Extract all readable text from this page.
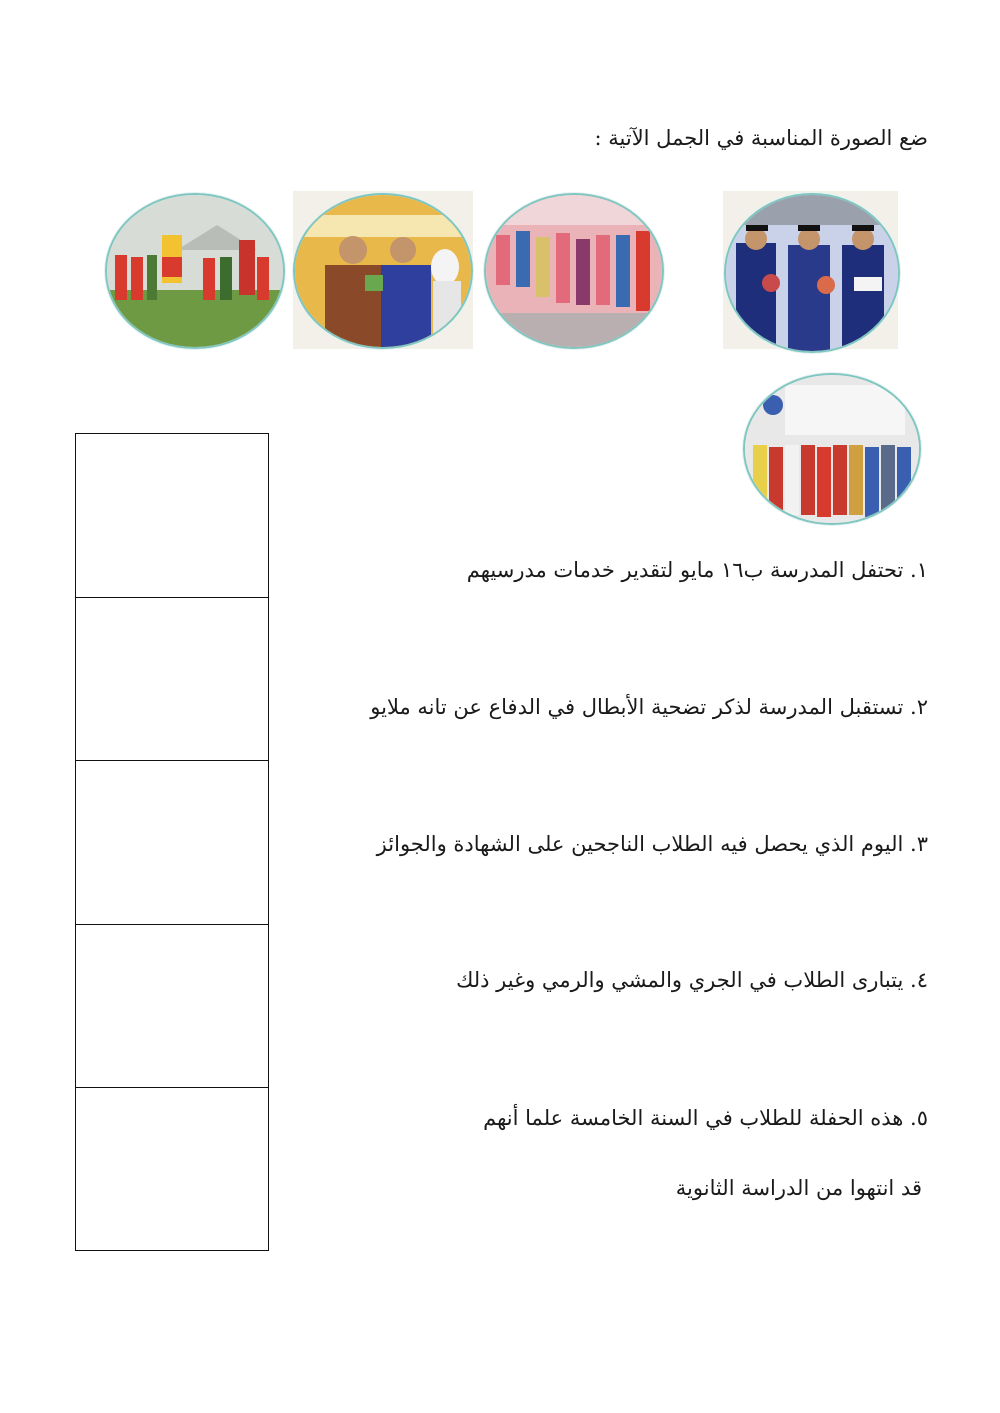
ضع الصورة المناسبة في الجمل الآتية :
١. تحتفل المدرسة ب١٦ مايو لتقدير خدمات مدرسيهم
٢. تستقبل المدرسة لذكر تضحية الأبطال في الدفاع عن تانه ملايو
٣. اليوم الذي يحصل فيه الطلاب الناجحين على الشهادة والجوائز
٤. يتبارى الطلاب في الجري والمشي والرمي وغير ذلك
٥. هذه الحفلة للطلاب في السنة الخامسة علما أنهم
قد انتهوا من الدراسة الثانوية
